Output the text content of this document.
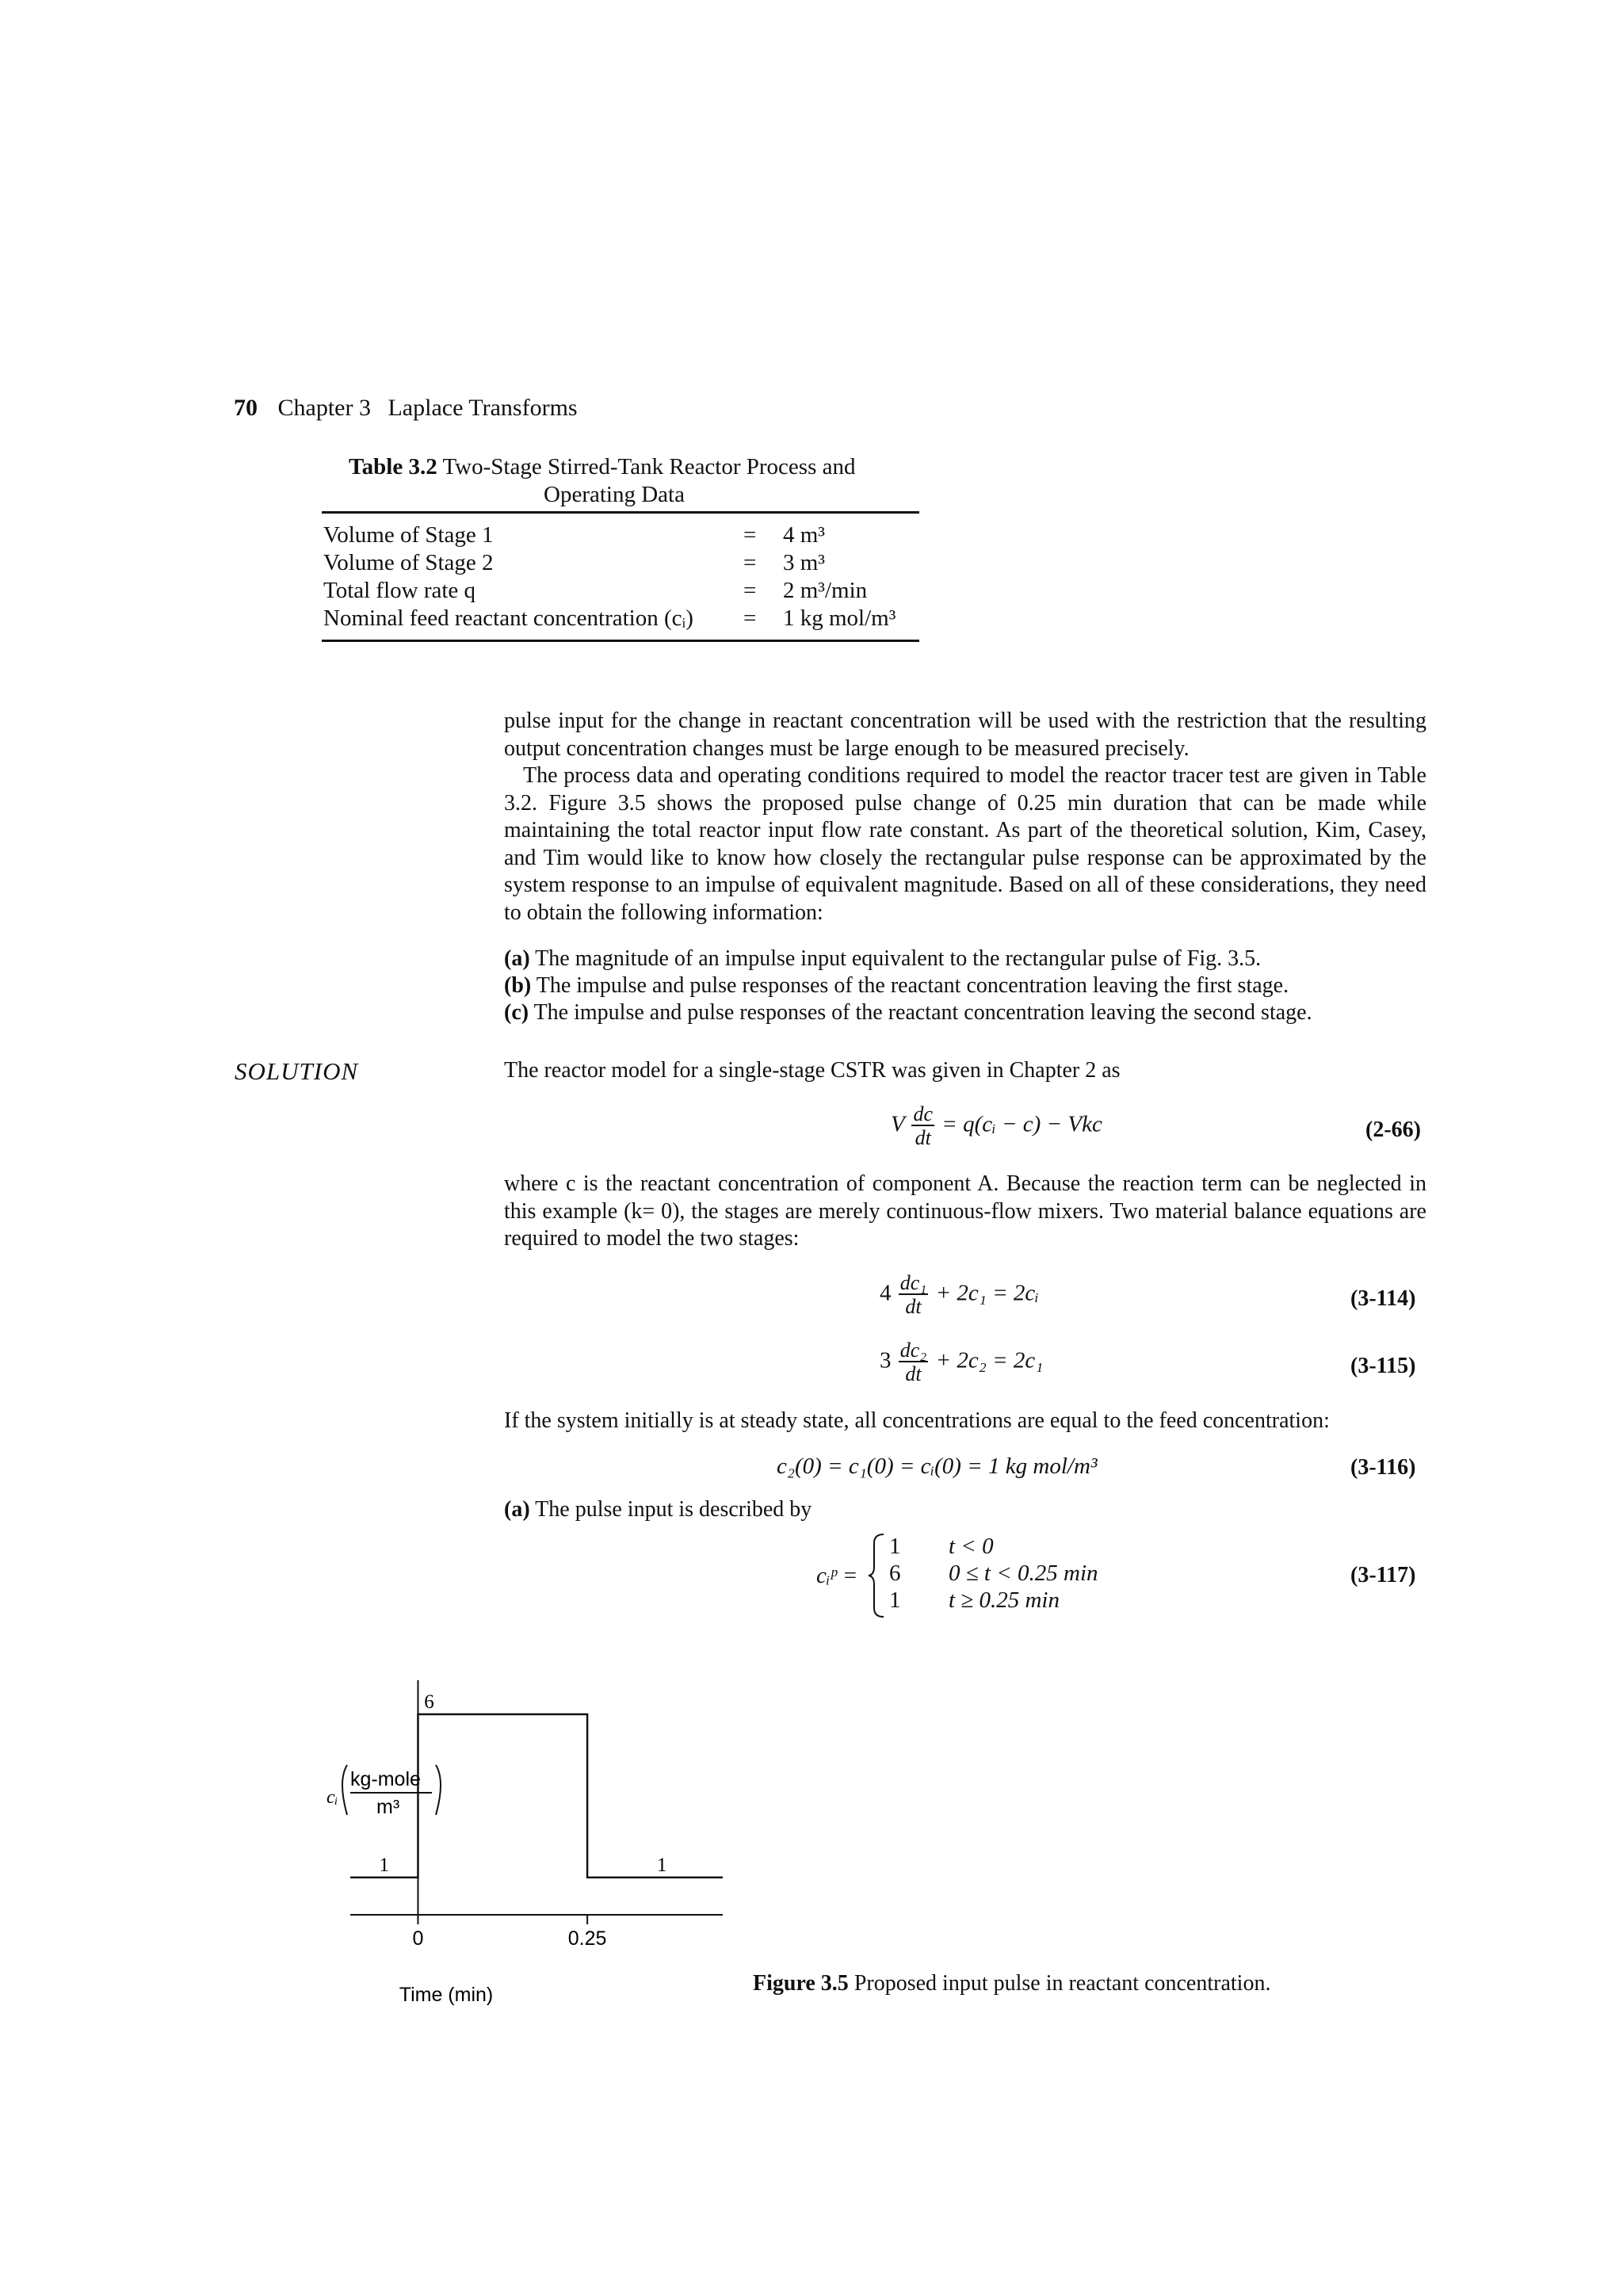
70 Chapter 3 Laplace Transforms
Table 3.2 Two-Stage Stirred-Tank Reactor Process and
Operating Data
Volume of Stage 1	= 4 m³
Volume of Stage 2	= 3 m³
Total flow rate q	= 2 m³/min
Nominal feed reactant concentration (cᵢ) = 1 kg mol/m³
pulse input for the change in reactant concentration will be used with the restriction that the resulting output concentration changes must be large enough to be measured precisely.
The process data and operating conditions required to model the reactor tracer test are given in Table 3.2. Figure 3.5 shows the proposed pulse change of 0.25 min duration that can be made while maintaining the total reactor input flow rate constant. As part of the theoretical solution, Kim, Casey, and Tim would like to know how closely the rectangular pulse response can be approximated by the system response to an impulse of equivalent magnitude. Based on all of these considerations, they need to obtain the following information:
(a) The magnitude of an impulse input equivalent to the rectangular pulse of Fig. 3.5.
(b) The impulse and pulse responses of the reactant concentration leaving the first stage.
(c) The impulse and pulse responses of the reactant concentration leaving the second stage.
SOLUTION	The reactor model for a single-stage CSTR was given in Chapter 2 as
V $\frac{dc}{dt}$ = q(cᵢ − c) − Vkc	(2-66)
where c is the reactant concentration of component A. Because the reaction term can be neglected in this example (k= 0), the stages are merely continuous-flow mixers. Two material balance equations are required to model the two stages:
$4 \frac{\text{dc₁}}{dt} + 2c_1$ = 2cᵢ	(3-114)
$3 \frac{\text{dc₂}}{dt} + 2c_2 = 2c_1$	(3-115)
If the system initially is at steady state, all concentrations are equal to the feed concentration:
c₂(0) = c₁(0) = cᵢ(0) = 1 kg mol/m³	(3-116)
(a) The pulse input is described by
cᵢᵖ =
1
6
1
t < 0
0 ≤ t < 0.25 min
t ≥ 0.25 min
(3-117)
0	0.25
1
6
1
cᵢ
kg-mole
m³
Time (min)	Figure 3.5 Proposed input pulse in reactant concentration.
